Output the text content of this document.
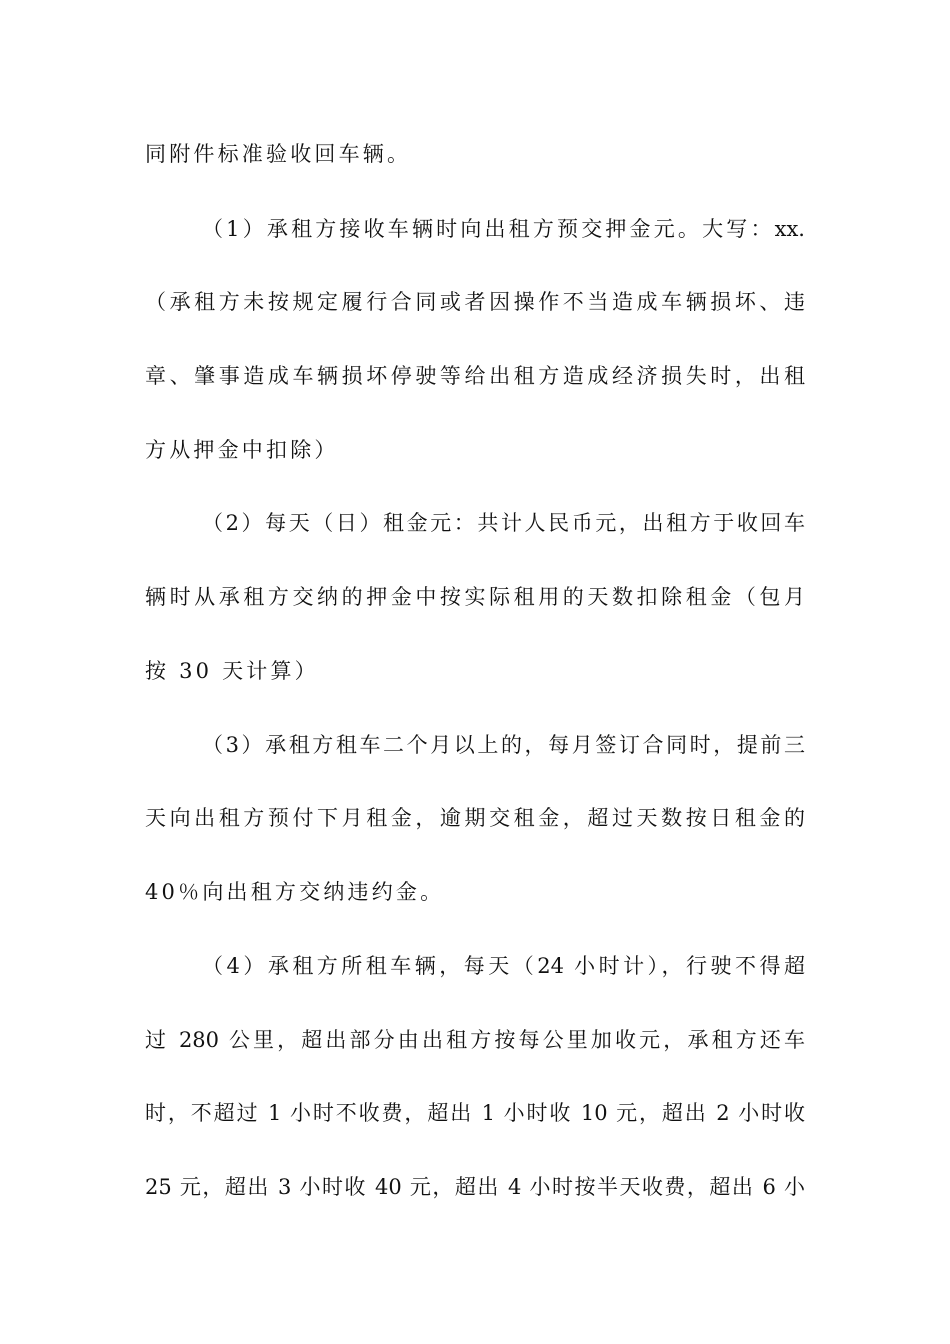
同附件标准验收回车辆。
（1）承租方接收车辆时向出租方预交押金元。大写：xx.
（承租方未按规定履行合同或者因操作不当造成车辆损坏、违
章、肇事造成车辆损坏停驶等给出租方造成经济损失时，出租
方从押金中扣除）
（2）每天（日）租金元：共计人民币元，出租方于收回车
辆时从承租方交纳的押金中按实际租用的天数扣除租金（包月
按 30 天计算）
（3）承租方租车二个月以上的，每月签订合同时，提前三
天向出租方预付下月租金，逾期交租金，超过天数按日租金的
40％向出租方交纳违约金。
（4）承租方所租车辆，每天（24 小时计），行驶不得超
过 280 公里，超出部分由出租方按每公里加收元，承租方还车
时，不超过 1 小时不收费，超出 1 小时收 10 元，超出 2 小时收
25 元，超出 3 小时收 40 元，超出 4 小时按半天收费，超出 6 小
